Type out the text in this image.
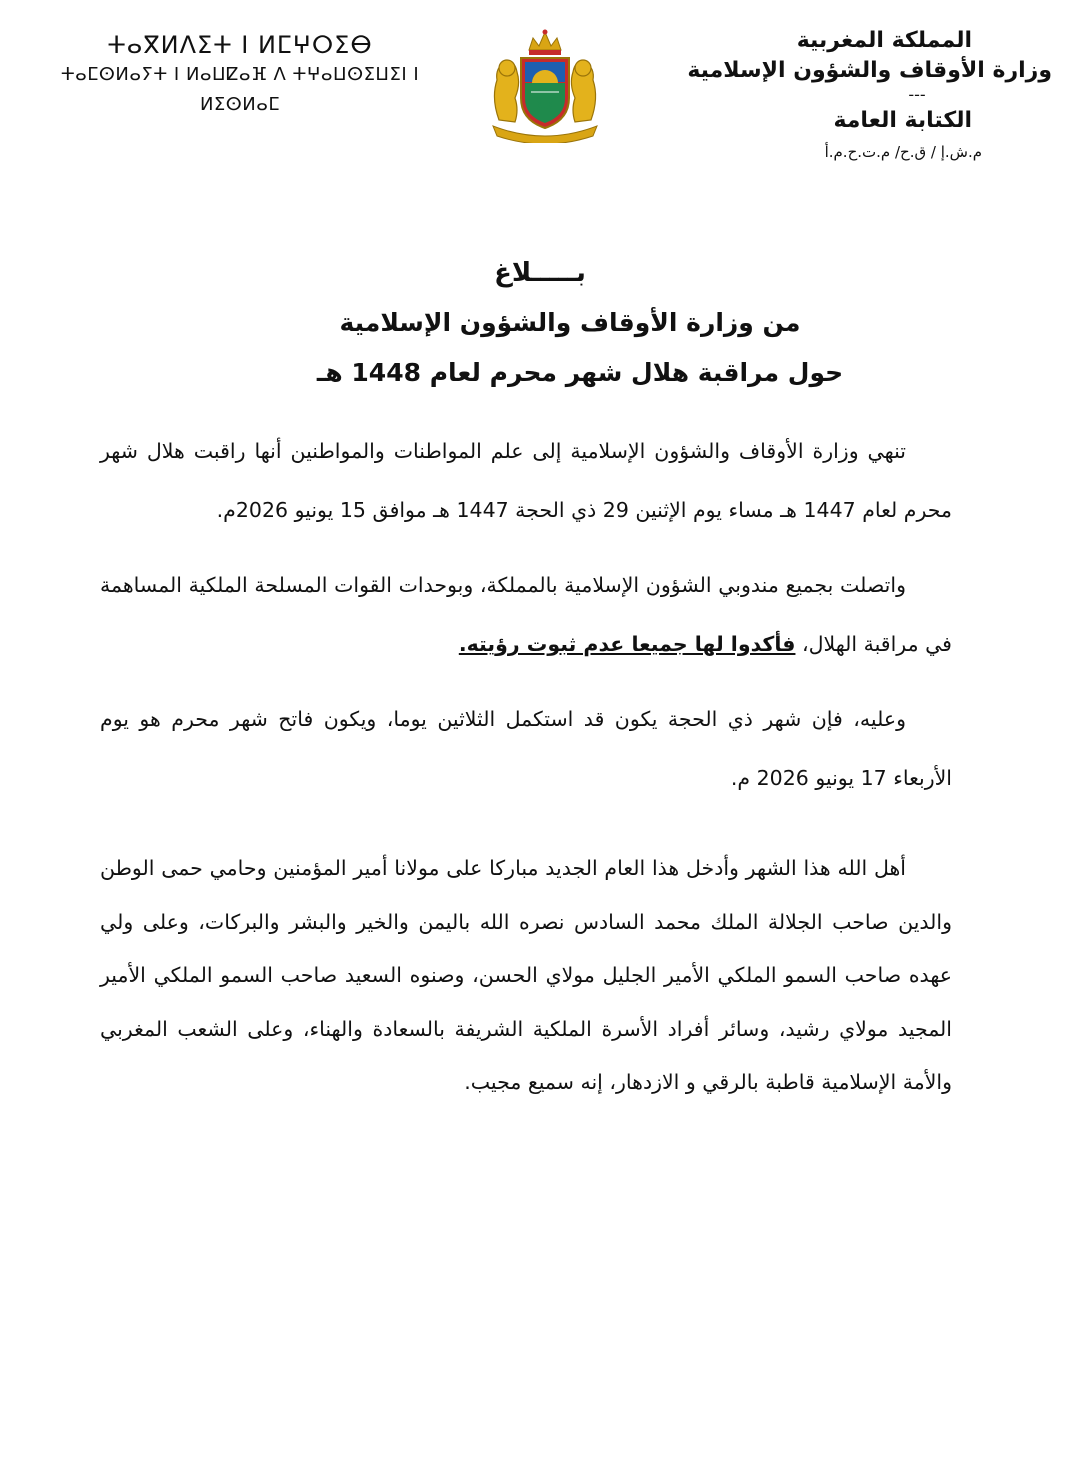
المملكة المغربية
وزارة الأوقاف والشؤون الإسلامية
---
الكتابة العامة
م.ش.إ / ق.ح/ م.ت.ح.م.أ
ⵜⴰⴳⵍⴷⵉⵜ ⵏ ⵍⵎⵖⵔⵉⴱ
ⵜⴰⵎⵙⵍⴰⵢⵜ ⵏ ⵍⴰⵡⵇⴰⴼ ⴷ ⵜⵖⴰⵡⵙⵉⵡⵉⵏ ⵏ ⵍⵉⵙⵍⴰⵎ
بـــــلاغ
من وزارة الأوقاف والشؤون الإسلامية
حول مراقبة هلال شهر محرم لعام 1448 هـ

تنهي وزارة الأوقاف والشؤون الإسلامية إلى علم المواطنات والمواطنين أنها راقبت هلال شهر محرم لعام 1447 هـ مساء يوم الإثنين 29 ذي الحجة 1447 هـ موافق 15 يونيو 2026م.

واتصلت بجميع مندوبي الشؤون الإسلامية بالمملكة، وبوحدات القوات المسلحة الملكية المساهمة في مراقبة الهلال، فأكدوا لها جميعا عدم ثبوت رؤيته.

وعليه، فإن شهر ذي الحجة يكون قد استكمل الثلاثين يوما، ويكون فاتح شهر محرم هو يوم الأربعاء 17 يونيو 2026 م.

أهل الله هذا الشهر وأدخل هذا العام الجديد مباركا على مولانا أمير المؤمنين وحامي حمى الوطن والدين صاحب الجلالة الملك محمد السادس نصره الله باليمن والخير والبشر والبركات، وعلى ولي عهده صاحب السمو الملكي الأمير الجليل مولاي الحسن، وصنوه السعيد صاحب السمو الملكي الأمير المجيد مولاي رشيد، وسائر أفراد الأسرة الملكية الشريفة بالسعادة والهناء، وعلى الشعب المغربي والأمة الإسلامية قاطبة بالرقي و الازدهار، إنه سميع مجيب.
